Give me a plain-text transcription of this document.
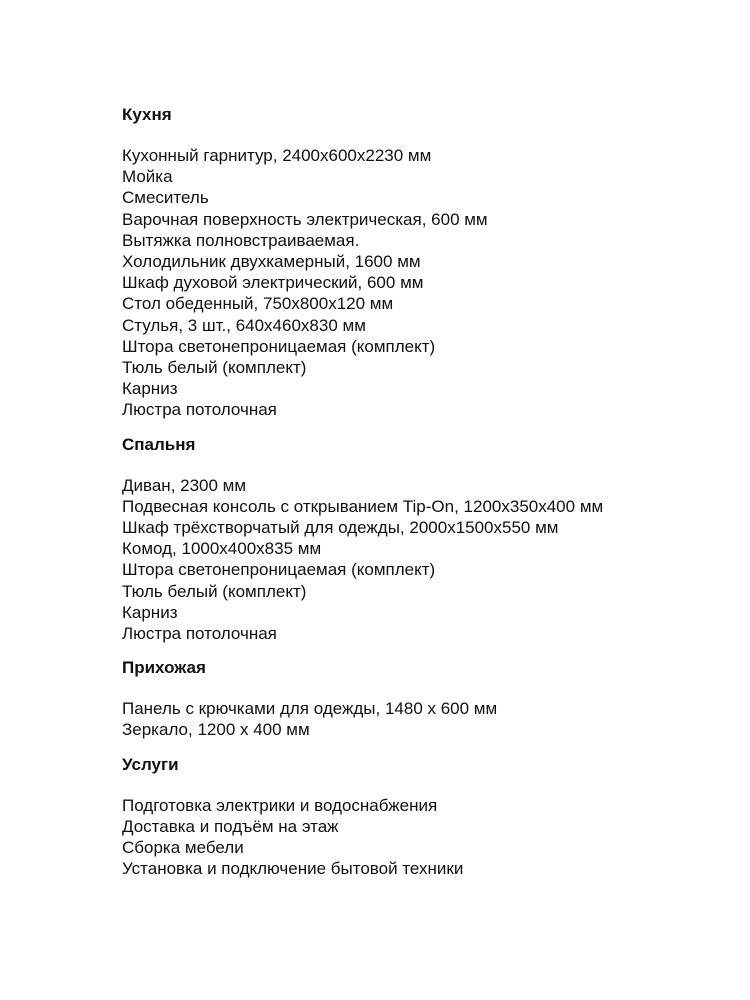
Кухня
Кухонный гарнитур, 2400х600х2230 мм
Мойка
Смеситель
Варочная поверхность электрическая, 600 мм
Вытяжка полновстраиваемая.
Холодильник двухкамерный, 1600 мм
Шкаф духовой электрический, 600 мм
Стол обеденный, 750х800х120 мм
Стулья, 3 шт., 640х460х830 мм
Штора светонепроницаемая (комплект)
Тюль белый (комплект)
Карниз
Люстра потолочная
Спальня
Диван, 2300 мм
Подвесная консоль с открыванием Tip-On, 1200х350х400 мм
Шкаф трёхстворчатый для одежды, 2000х1500х550 мм
Комод, 1000х400х835 мм
Штора светонепроницаемая (комплект)
Тюль белый (комплект)
Карниз
Люстра потолочная
Прихожая
Панель с крючками для одежды, 1480 х 600 мм
Зеркало, 1200 х 400 мм
Услуги
Подготовка электрики и водоснабжения
Доставка и подъём на этаж
Сборка мебели
Установка и подключение бытовой техники
